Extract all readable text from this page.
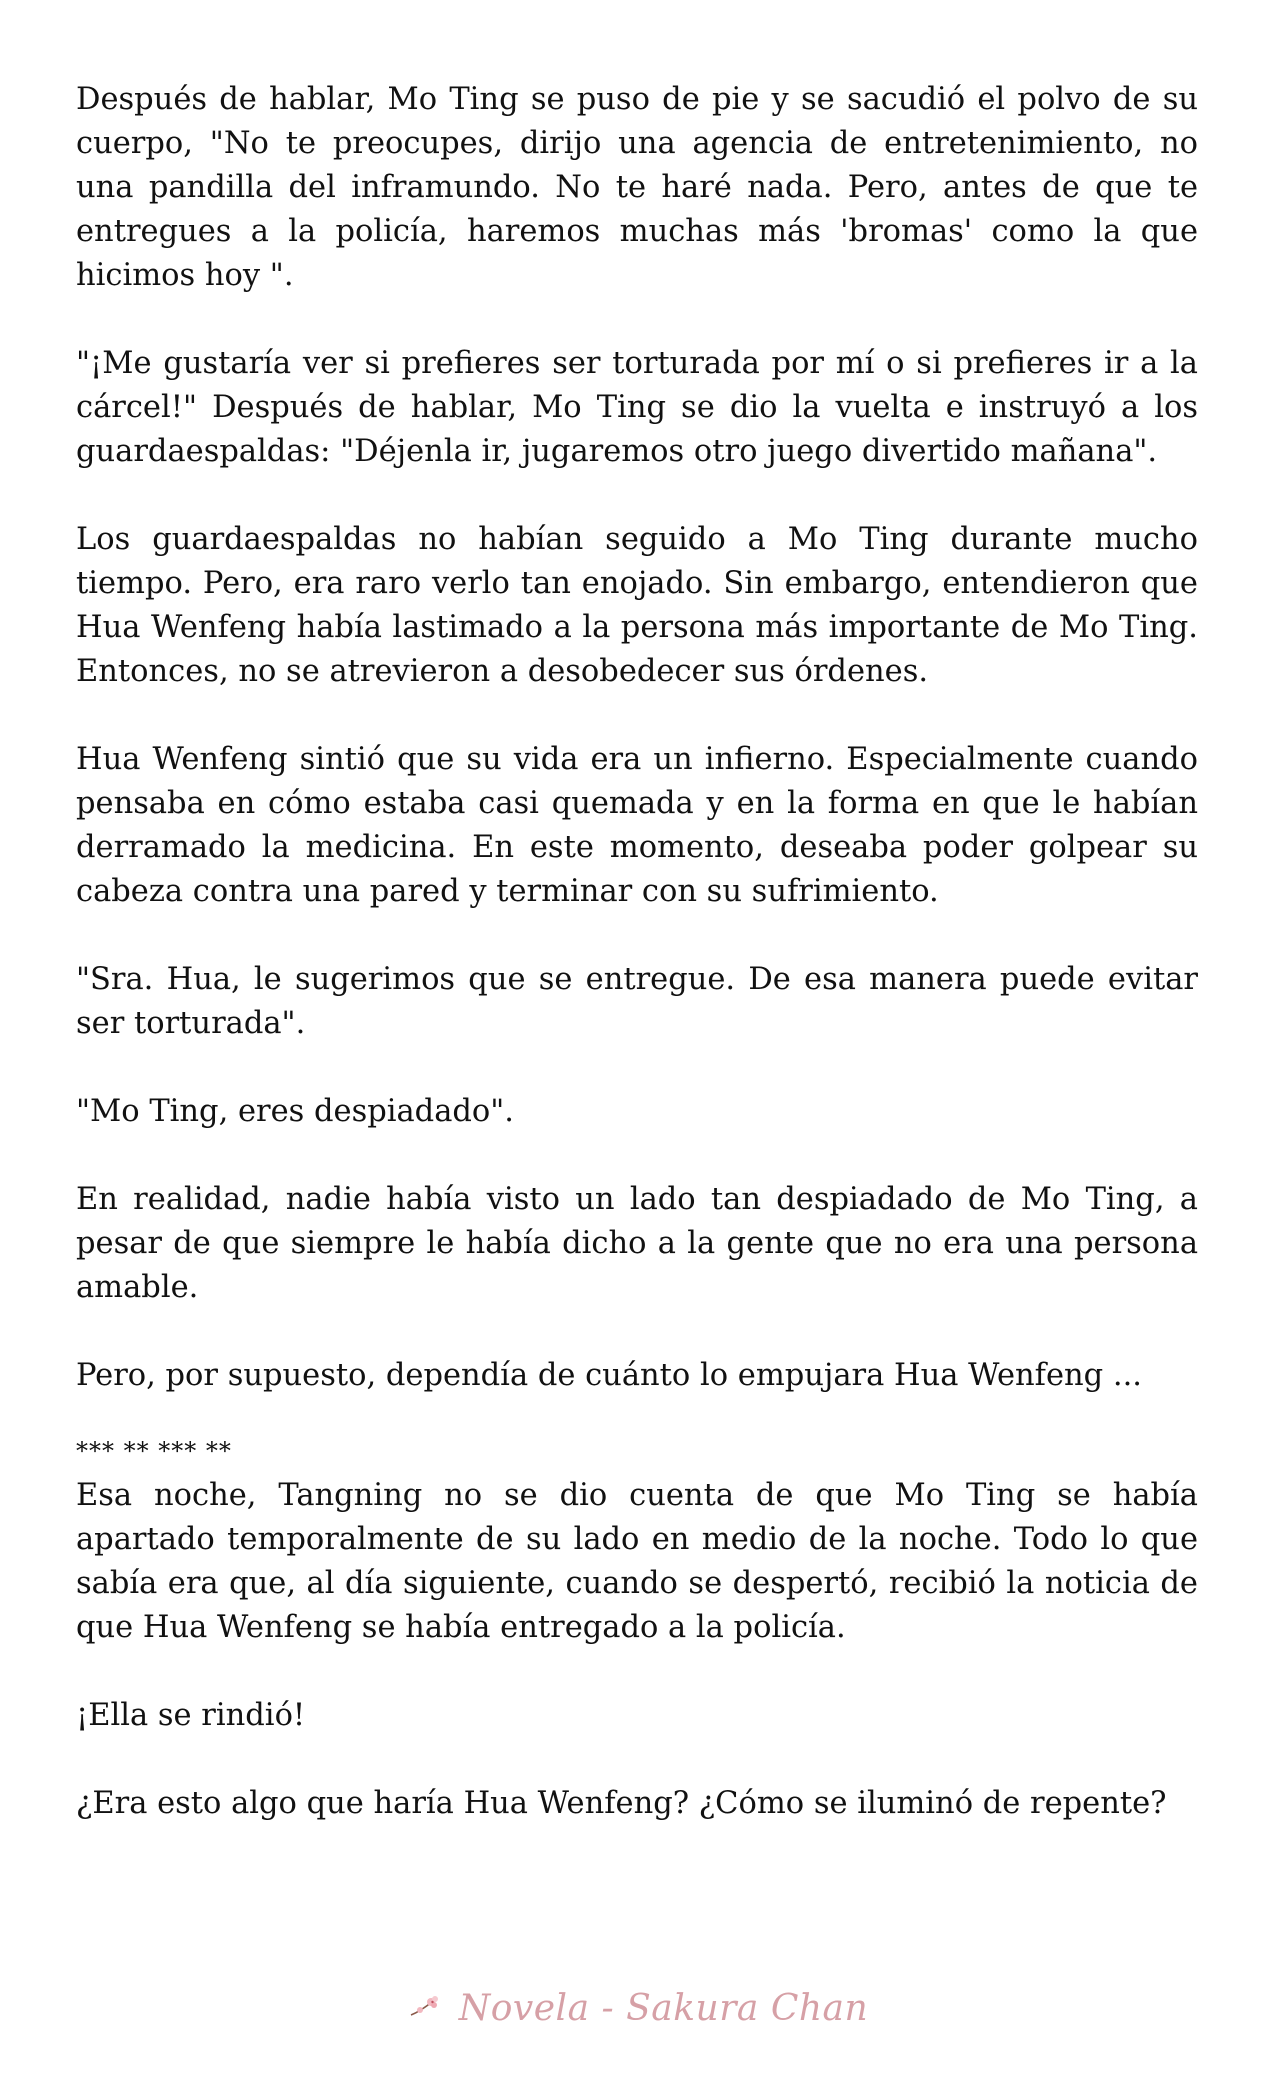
Después de hablar, Mo Ting se puso de pie y se sacudió el polvo de su cuerpo, "No te preocupes, dirijo una agencia de entretenimiento, no una pandilla del inframundo. No te haré nada. Pero, antes de que te entregues a la policía, haremos muchas más 'bromas' como la que hicimos hoy ".

"¡Me gustaría ver si prefieres ser torturada por mí o si prefieres ir a la cárcel!" Después de hablar, Mo Ting se dio la vuelta e instruyó a los guardaespaldas: "Déjenla ir, jugaremos otro juego divertido mañana".

Los guardaespaldas no habían seguido a Mo Ting durante mucho tiempo. Pero, era raro verlo tan enojado. Sin embargo, entendieron que Hua Wenfeng había lastimado a la persona más importante de Mo Ting. Entonces, no se atrevieron a desobedecer sus órdenes.

Hua Wenfeng sintió que su vida era un infierno. Especialmente cuando pensaba en cómo estaba casi quemada y en la forma en que le habían derramado la medicina. En este momento, deseaba poder golpear su cabeza contra una pared y terminar con su sufrimiento.

"Sra. Hua, le sugerimos que se entregue. De esa manera puede evitar ser torturada".

"Mo Ting, eres despiadado".

En realidad, nadie había visto un lado tan despiadado de Mo Ting, a pesar de que siempre le había dicho a la gente que no era una persona amable.

Pero, por supuesto, dependía de cuánto lo empujara Hua Wenfeng ...

*** ** *** **

Esa noche, Tangning no se dio cuenta de que Mo Ting se había apartado temporalmente de su lado en medio de la noche. Todo lo que sabía era que, al día siguiente, cuando se despertó, recibió la noticia de que Hua Wenfeng se había entregado a la policía.

¡Ella se rindió!

¿Era esto algo que haría Hua Wenfeng? ¿Cómo se iluminó de repente?

Novela - Sakura Chan
